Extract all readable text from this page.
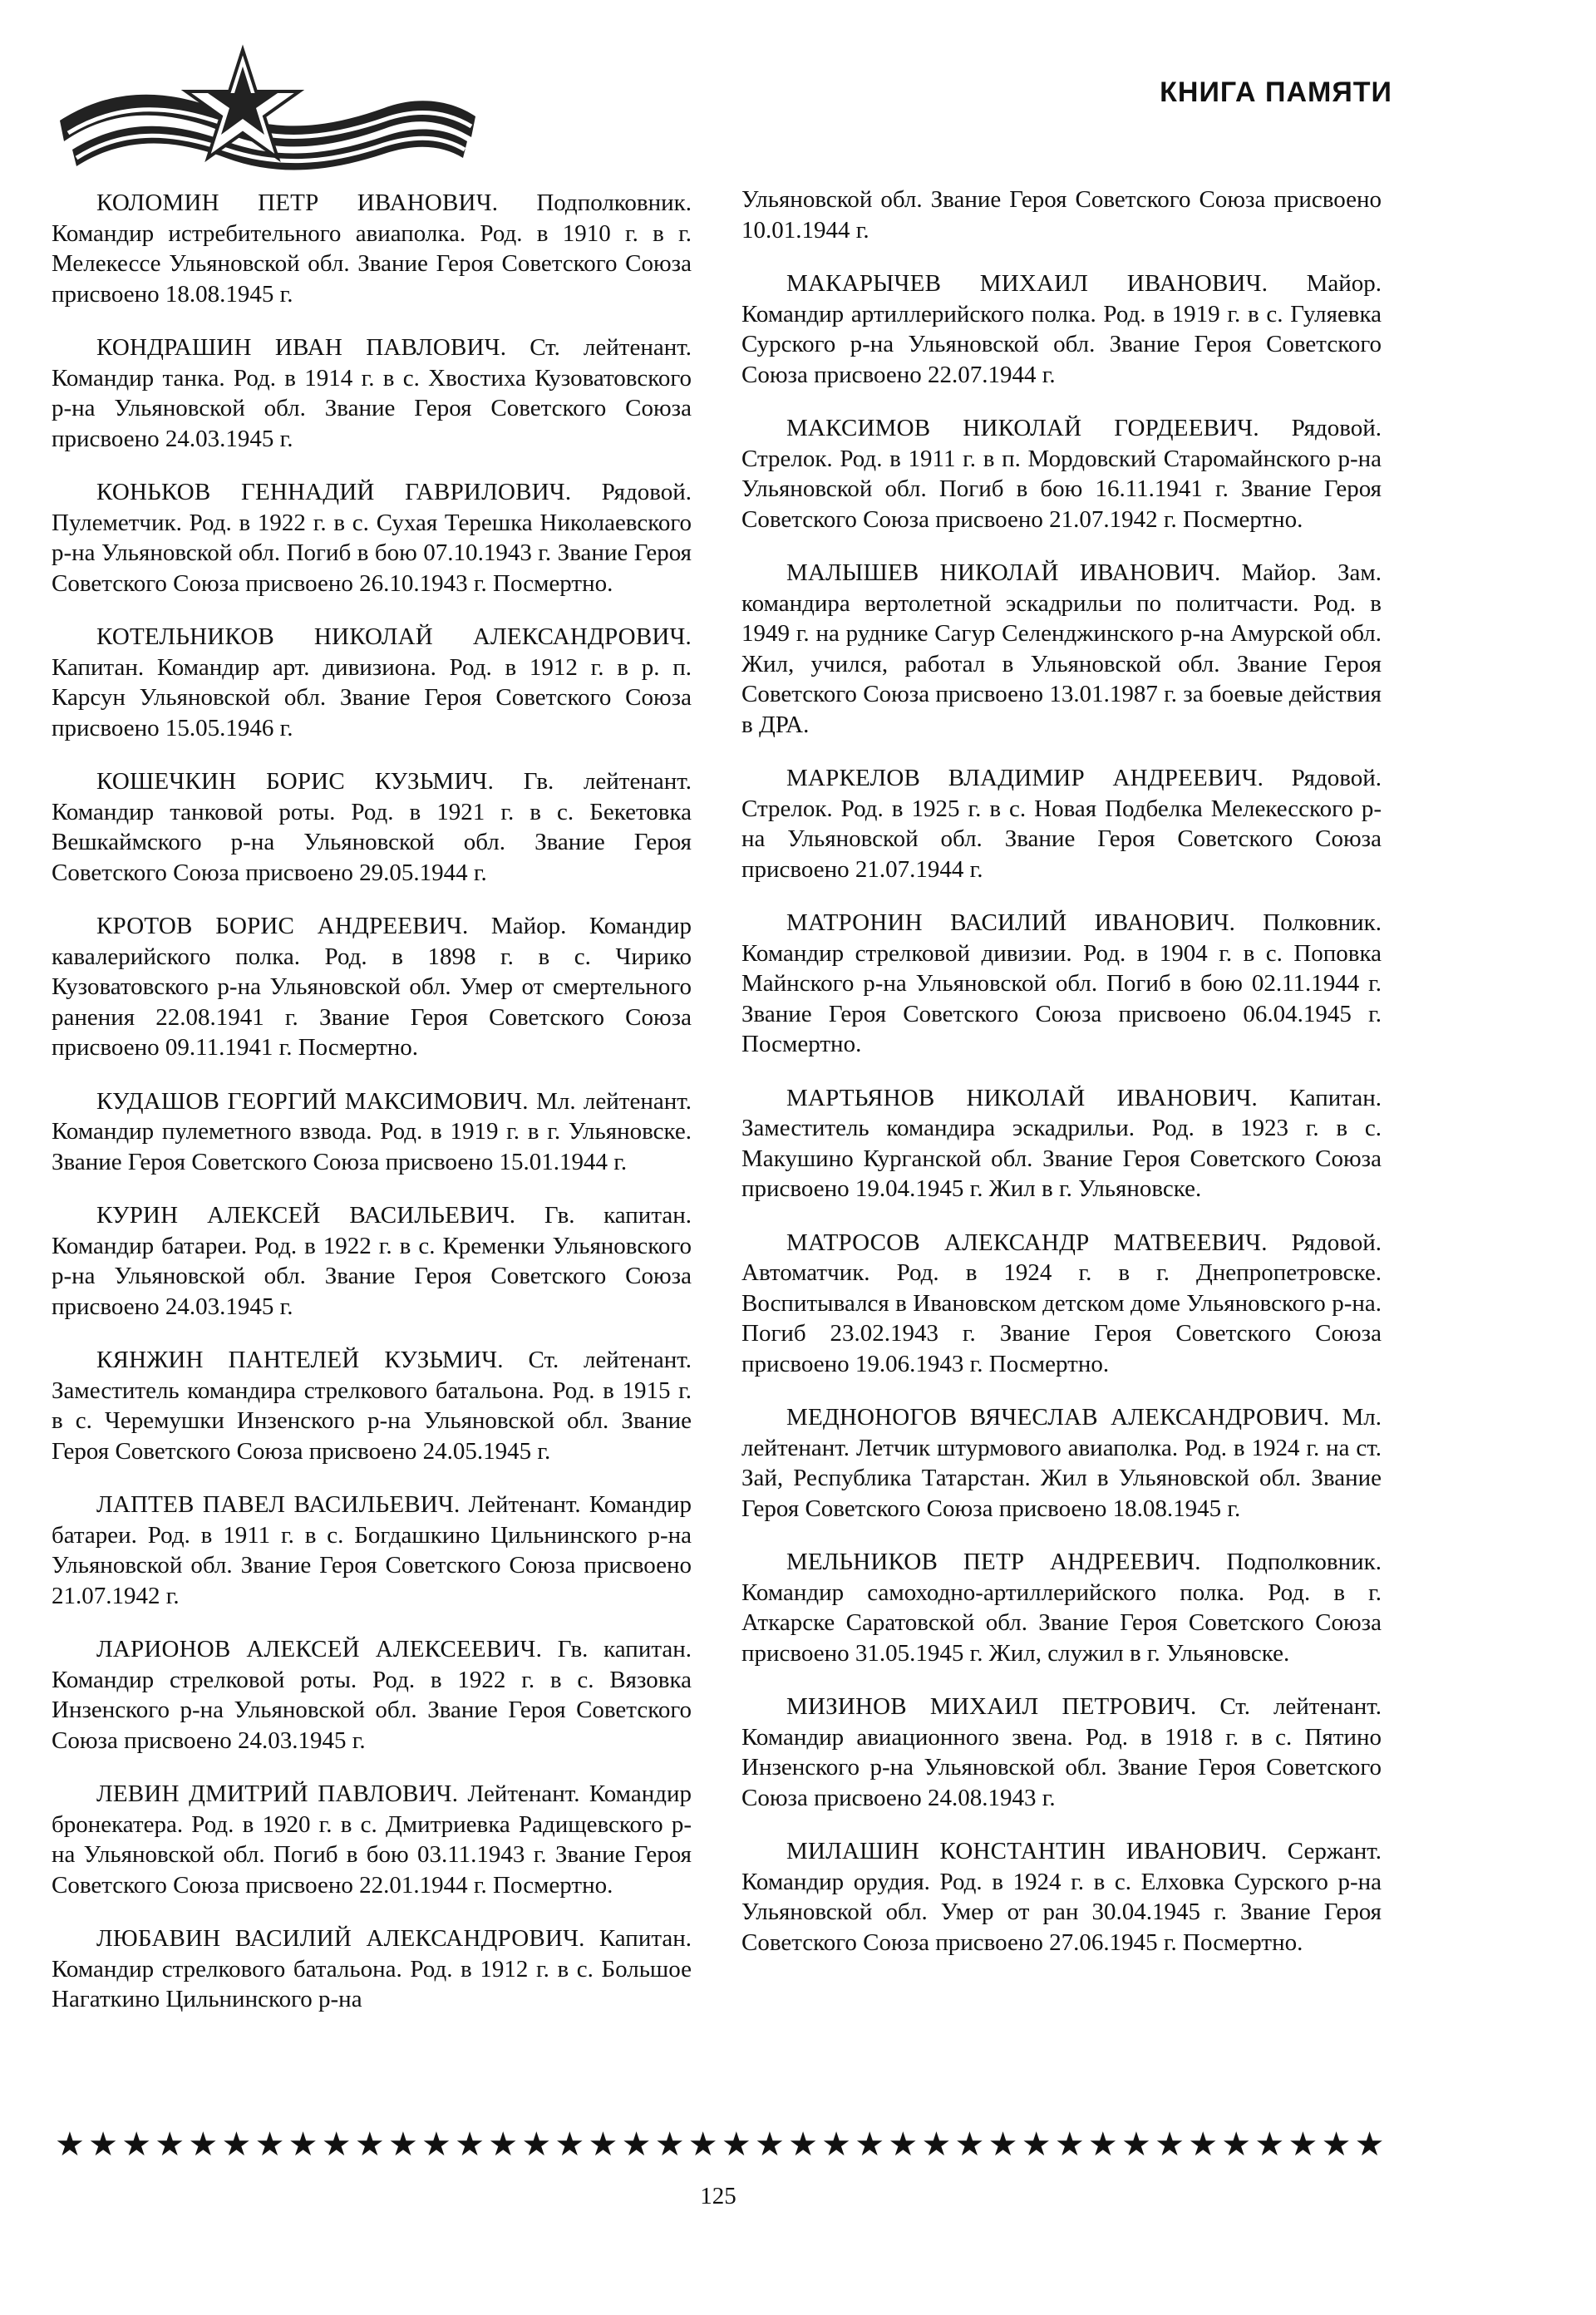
КНИГА ПАМЯТИ

КОЛОМИН ПЕТР ИВАНОВИЧ. Подполковник. Командир истребительного авиаполка. Род. в 1910 г. в г. Мелекессе Ульяновской обл. Звание Героя Советского Союза присвоено 18.08.1945 г.

КОНДРАШИН ИВАН ПАВЛОВИЧ. Ст. лейтенант. Командир танка. Род. в 1914 г. в с. Хвостиха Кузоватовского р-на Ульяновской обл. Звание Героя Советского Союза присвоено 24.03.1945 г.

КОНЬКОВ ГЕННАДИЙ ГАВРИЛОВИЧ. Рядовой. Пулеметчик. Род. в 1922 г. в с. Сухая Терешка Николаевского р-на Ульяновской обл. Погиб в бою 07.10.1943 г. Звание Героя Советского Союза присвоено 26.10.1943 г. Посмертно.

КОТЕЛЬНИКОВ НИКОЛАЙ АЛЕКСАНДРОВИЧ. Капитан. Командир арт. дивизиона. Род. в 1912 г. в р. п. Карсун Ульяновской обл. Звание Героя Советского Союза присвоено 15.05.1946 г.

КОШЕЧКИН БОРИС КУЗЬМИЧ. Гв. лейтенант. Командир танковой роты. Род. в 1921 г. в с. Бекетовка Вешкаймского р-на Ульяновской обл. Звание Героя Советского Союза присвоено 29.05.1944 г.

КРОТОВ БОРИС АНДРЕЕВИЧ. Майор. Командир кавалерийского полка. Род. в 1898 г. в с. Чирико Кузоватовского р-на Ульяновской обл. Умер от смертельного ранения 22.08.1941 г. Звание Героя Советского Союза присвоено 09.11.1941 г. Посмертно.

КУДАШОВ ГЕОРГИЙ МАКСИМОВИЧ. Мл. лейтенант. Командир пулеметного взвода. Род. в 1919 г. в г. Ульяновске. Звание Героя Советского Союза присвоено 15.01.1944 г.

КУРИН АЛЕКСЕЙ ВАСИЛЬЕВИЧ. Гв. капитан. Командир батареи. Род. в 1922 г. в с. Кременки Ульяновского р-на Ульяновской обл. Звание Героя Советского Союза присвоено 24.03.1945 г.

КЯНЖИН ПАНТЕЛЕЙ КУЗЬМИЧ. Ст. лейтенант. Заместитель командира стрелкового батальона. Род. в 1915 г. в с. Черемушки Инзенского р-на Ульяновской обл. Звание Героя Советского Союза присвоено 24.05.1945 г.

ЛАПТЕВ ПАВЕЛ ВАСИЛЬЕВИЧ. Лейтенант. Командир батареи. Род. в 1911 г. в с. Богдашкино Цильнинского р-на Ульяновской обл. Звание Героя Советского Союза присвоено 21.07.1942 г.

ЛАРИОНОВ АЛЕКСЕЙ АЛЕКСЕЕВИЧ. Гв. капитан. Командир стрелковой роты. Род. в 1922 г. в с. Вязовка Инзенского р-на Ульяновской обл. Звание Героя Советского Союза присвоено 24.03.1945 г.

ЛЕВИН ДМИТРИЙ ПАВЛОВИЧ. Лейтенант. Командир бронекатера. Род. в 1920 г. в с. Дмитриевка Радищевского р-на Ульяновской обл. Погиб в бою 03.11.1943 г. Звание Героя Советского Союза присвоено 22.01.1944 г. Посмертно.

ЛЮБАВИН ВАСИЛИЙ АЛЕКСАНДРОВИЧ. Капитан. Командир стрелкового батальона. Род. в 1912 г. в с. Большое Нагаткино Цильнинского р-на

Ульяновской обл. Звание Героя Советского Союза присвоено 10.01.1944 г.

МАКАРЫЧЕВ МИХАИЛ ИВАНОВИЧ. Майор. Командир артиллерийского полка. Род. в 1919 г. в с. Гуляевка Сурского р-на Ульяновской обл. Звание Героя Советского Союза присвоено 22.07.1944 г.

МАКСИМОВ НИКОЛАЙ ГОРДЕЕВИЧ. Рядовой. Стрелок. Род. в 1911 г. в п. Мордовский Старомайнского р-на Ульяновской обл. Погиб в бою 16.11.1941 г. Звание Героя Советского Союза присвоено 21.07.1942 г. Посмертно.

МАЛЫШЕВ НИКОЛАЙ ИВАНОВИЧ. Майор. Зам. командира вертолетной эскадрильи по политчасти. Род. в 1949 г. на руднике Сагур Селенджинского р-на Амурской обл. Жил, учился, работал в Ульяновской обл. Звание Героя Советского Союза присвоено 13.01.1987 г. за боевые действия в ДРА.

МАРКЕЛОВ ВЛАДИМИР АНДРЕЕВИЧ. Рядовой. Стрелок. Род. в 1925 г. в с. Новая Подбелка Мелекесского р-на Ульяновской обл. Звание Героя Советского Союза присвоено 21.07.1944 г.

МАТРОНИН ВАСИЛИЙ ИВАНОВИЧ. Полковник. Командир стрелковой дивизии. Род. в 1904 г. в с. Поповка Майнского р-на Ульяновской обл. Погиб в бою 02.11.1944 г. Звание Героя Советского Союза присвоено 06.04.1945 г. Посмертно.

МАРТЬЯНОВ НИКОЛАЙ ИВАНОВИЧ. Капитан. Заместитель командира эскадрильи. Род. в 1923 г. в с. Макушино Курганской обл. Звание Героя Советского Союза присвоено 19.04.1945 г. Жил в г. Ульяновске.

МАТРОСОВ АЛЕКСАНДР МАТВЕЕВИЧ. Рядовой. Автоматчик. Род. в 1924 г. в г. Днепропетровске. Воспитывался в Ивановском детском доме Ульяновского р-на. Погиб 23.02.1943 г. Звание Героя Советского Союза присвоено 19.06.1943 г. Посмертно.

МЕДНОНОГОВ ВЯЧЕСЛАВ АЛЕКСАНДРОВИЧ. Мл. лейтенант. Летчик штурмового авиаполка. Род. в 1924 г. на ст. Зай, Республика Татарстан. Жил в Ульяновской обл. Звание Героя Советского Союза присвоено 18.08.1945 г.

МЕЛЬНИКОВ ПЕТР АНДРЕЕВИЧ. Подполковник. Командир самоходно-артиллерийского полка. Род. в г. Аткарске Саратовской обл. Звание Героя Советского Союза присвоено 31.05.1945 г. Жил, служил в г. Ульяновске.

МИЗИНОВ МИХАИЛ ПЕТРОВИЧ. Ст. лейтенант. Командир авиационного звена. Род. в 1918 г. в с. Пятино Инзенского р-на Ульяновской обл. Звание Героя Советского Союза присвоено 24.08.1943 г.

МИЛАШИН КОНСТАНТИН ИВАНОВИЧ. Сержант. Командир орудия. Род. в 1924 г. в с. Елховка Сурского р-на Ульяновской обл. Умер от ран 30.04.1945 г. Звание Героя Советского Союза присвоено 27.06.1945 г. Посмертно.

★ ★ ★ ★ ★ ★ ★ ★ ★ ★ ★ ★ ★ ★ ★ ★ ★ ★ ★ ★ ★ ★ ★ ★ ★ ★ ★ ★ ★ ★ ★ ★ ★ ★ ★ ★ ★ ★ ★ ★
125
